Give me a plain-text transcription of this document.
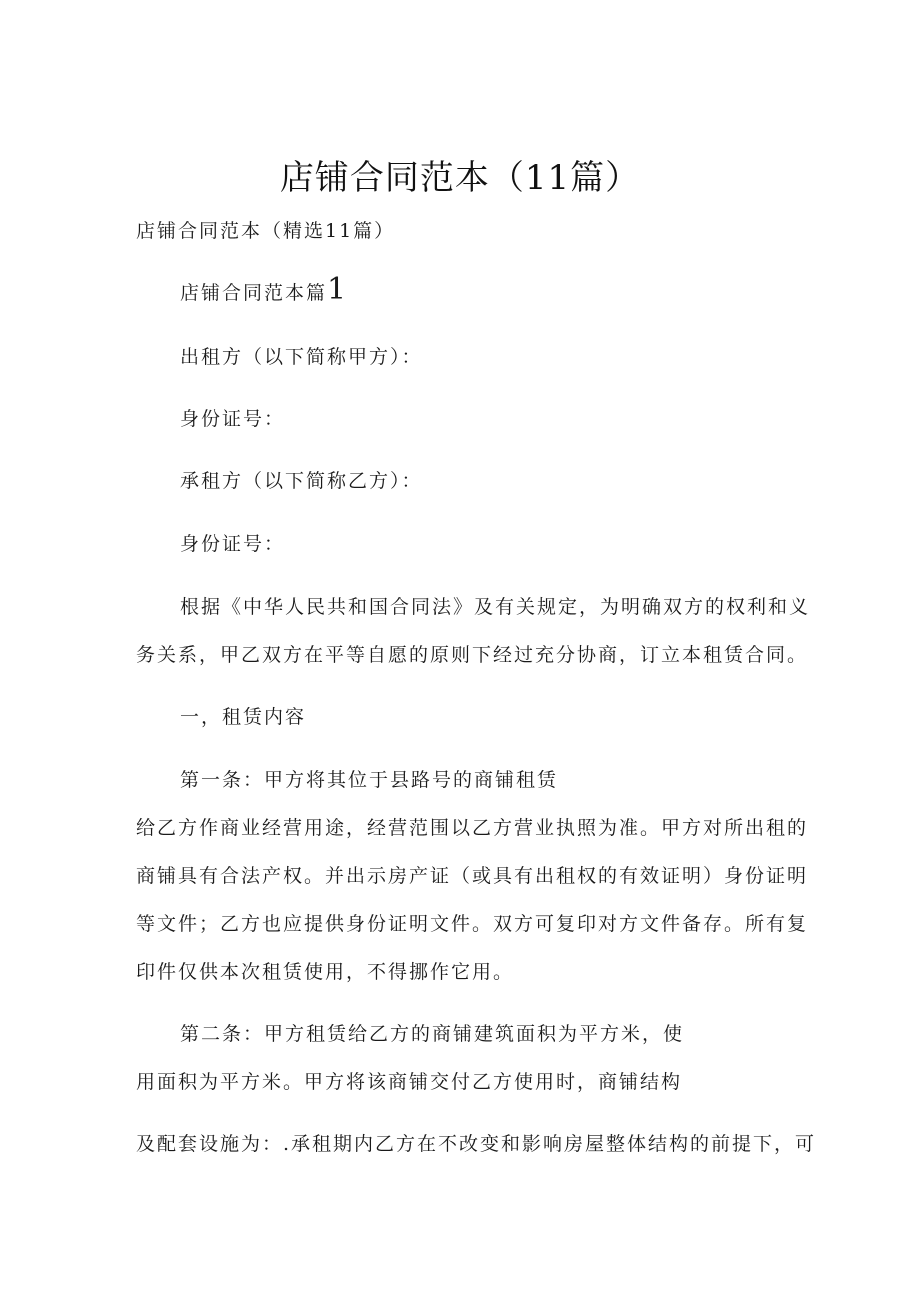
店铺合同范本（11篇）
店铺合同范本（精选11篇）
店铺合同范本篇1
出租方（以下简称甲方）：
身份证号：
承租方（以下简称乙方）：
身份证号：
根据《中华人民共和国合同法》及有关规定，为明确双方的权利和义
务关系，甲乙双方在平等自愿的原则下经过充分协商，订立本租赁合同。
一，租赁内容
第一条：甲方将其位于县路号的商铺租赁
给乙方作商业经营用途，经营范围以乙方营业执照为准。甲方对所出租的
商铺具有合法产权。并出示房产证（或具有出租权的有效证明）身份证明
等文件；乙方也应提供身份证明文件。双方可复印对方文件备存。所有复
印件仅供本次租赁使用，不得挪作它用。
第二条：甲方租赁给乙方的商铺建筑面积为平方米，使
用面积为平方米。甲方将该商铺交付乙方使用时，商铺结构
及配套设施为：.承租期内乙方在不改变和影响房屋整体结构的前提下，可
